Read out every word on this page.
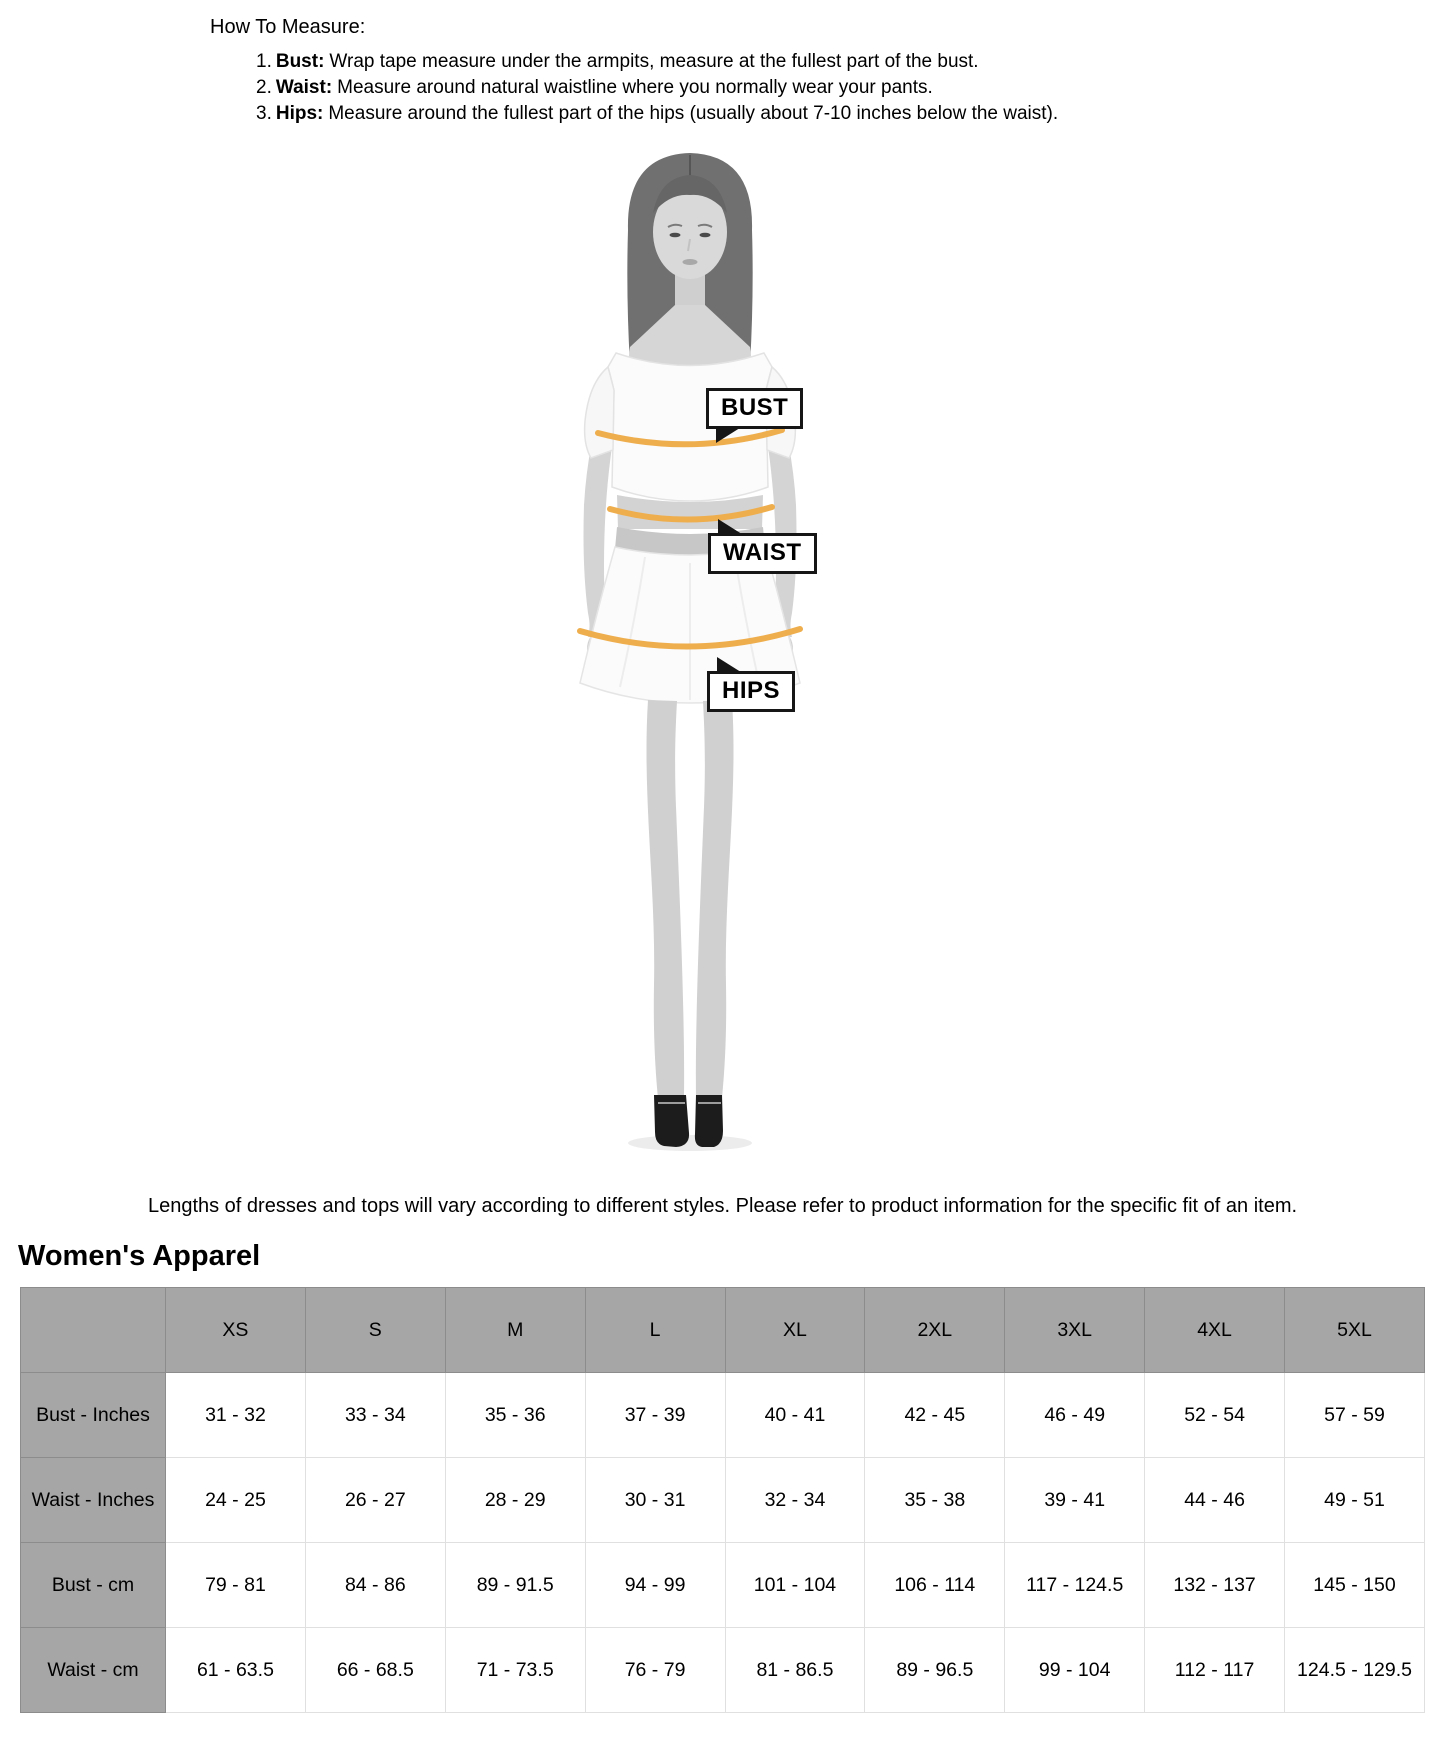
How To Measure:
1. Bust: Wrap tape measure under the armpits, measure at the fullest part of the bust.
2. Waist: Measure around natural waistline where you normally wear your pants.
3. Hips: Measure around the fullest part of the hips (usually about 7-10 inches below the waist).
BUST
WAIST
HIPS

Lengths of dresses and tops will vary according to different styles. Please refer to product information for the specific fit of an item.

Women's Apparel
	XS	S	M	L	XL	2XL	3XL	4XL	5XL
Bust - Inches	31 - 32	33 - 34	35 - 36	37 - 39	40 - 41	42 - 45	46 - 49	52 - 54	57 - 59
Waist - Inches	24 - 25	26 - 27	28 - 29	30 - 31	32 - 34	35 - 38	39 - 41	44 - 46	49 - 51
Bust - cm	79 - 81	84 - 86	89 - 91.5	94 - 99	101 - 104	106 - 114	117 - 124.5	132 - 137	145 - 150
Waist - cm	61 - 63.5	66 - 68.5	71 - 73.5	76 - 79	81 - 86.5	89 - 96.5	99 - 104	112 - 117	124.5 - 129.5
